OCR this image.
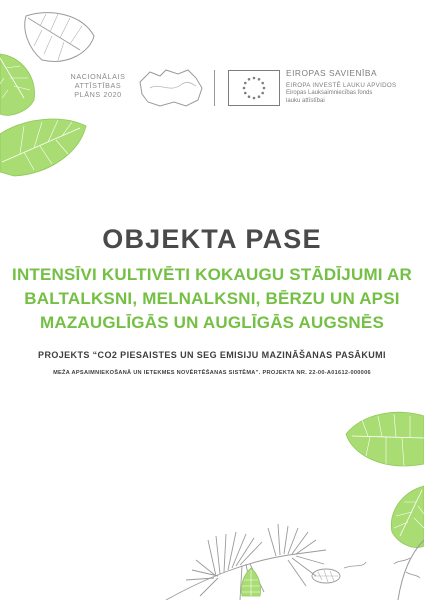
NACIONĀLAIS
ATTĪSTĪBAS
PLĀNS 2020
EIROPAS SAVIENĪBA
EIROPA INVESTĒ LAUKU APVIDOS
Eiropas Lauksaimniecības fonds
lauku attīstībai
OBJEKTA PASE
INTENSĪVI KULTIVĒTI KOKAUGU STĀDĪJUMI AR
BALTALKSNI, MELNALKSNI, BĒRZU UN APSI
MAZAUGLĪGĀS UN AUGLĪGĀS AUGSNĒS
PROJEKTS “CO2 PIESAISTES UN SEG EMISIJU MAZINĀŠANAS PASĀKUMI
MEŽA APSAIMNIEKOŠANĀ UN IETEKMES NOVĒRTĒŠANAS SISTĒMA”. PROJEKTA NR. 22-00-A01612-000006
